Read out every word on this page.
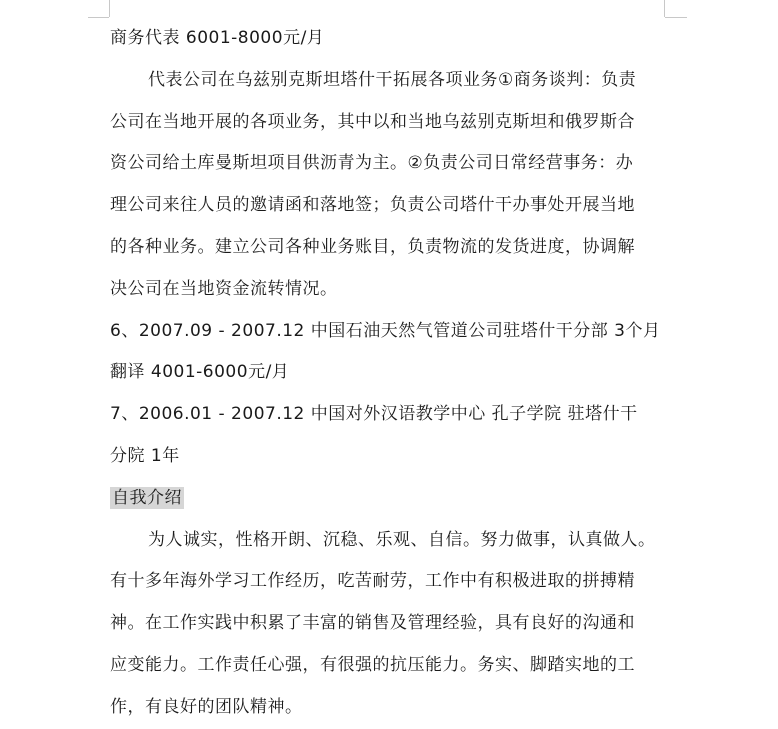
商务代表 6001-8000元/月
代表公司在乌兹别克斯坦塔什干拓展各项业务①商务谈判：负责
公司在当地开展的各项业务，其中以和当地乌兹别克斯坦和俄罗斯合
资公司给土库曼斯坦项目供沥青为主。②负责公司日常经营事务：办
理公司来往人员的邀请函和落地签；负责公司塔什干办事处开展当地
的各种业务。建立公司各种业务账目，负责物流的发货进度，协调解
决公司在当地资金流转情况。
6、2007.09 - 2007.12 中国石油天然气管道公司驻塔什干分部 3个月
翻译 4001-6000元/月
7、2006.01 - 2007.12 中国对外汉语教学中心 孔子学院 驻塔什干
分院 1年
自我介绍
为人诚实，性格开朗、沉稳、乐观、自信。努力做事，认真做人。
有十多年海外学习工作经历，吃苦耐劳，工作中有积极进取的拼搏精
神。在工作实践中积累了丰富的销售及管理经验，具有良好的沟通和
应变能力。工作责任心强，有很强的抗压能力。务实、脚踏实地的工
作，有良好的团队精神。
